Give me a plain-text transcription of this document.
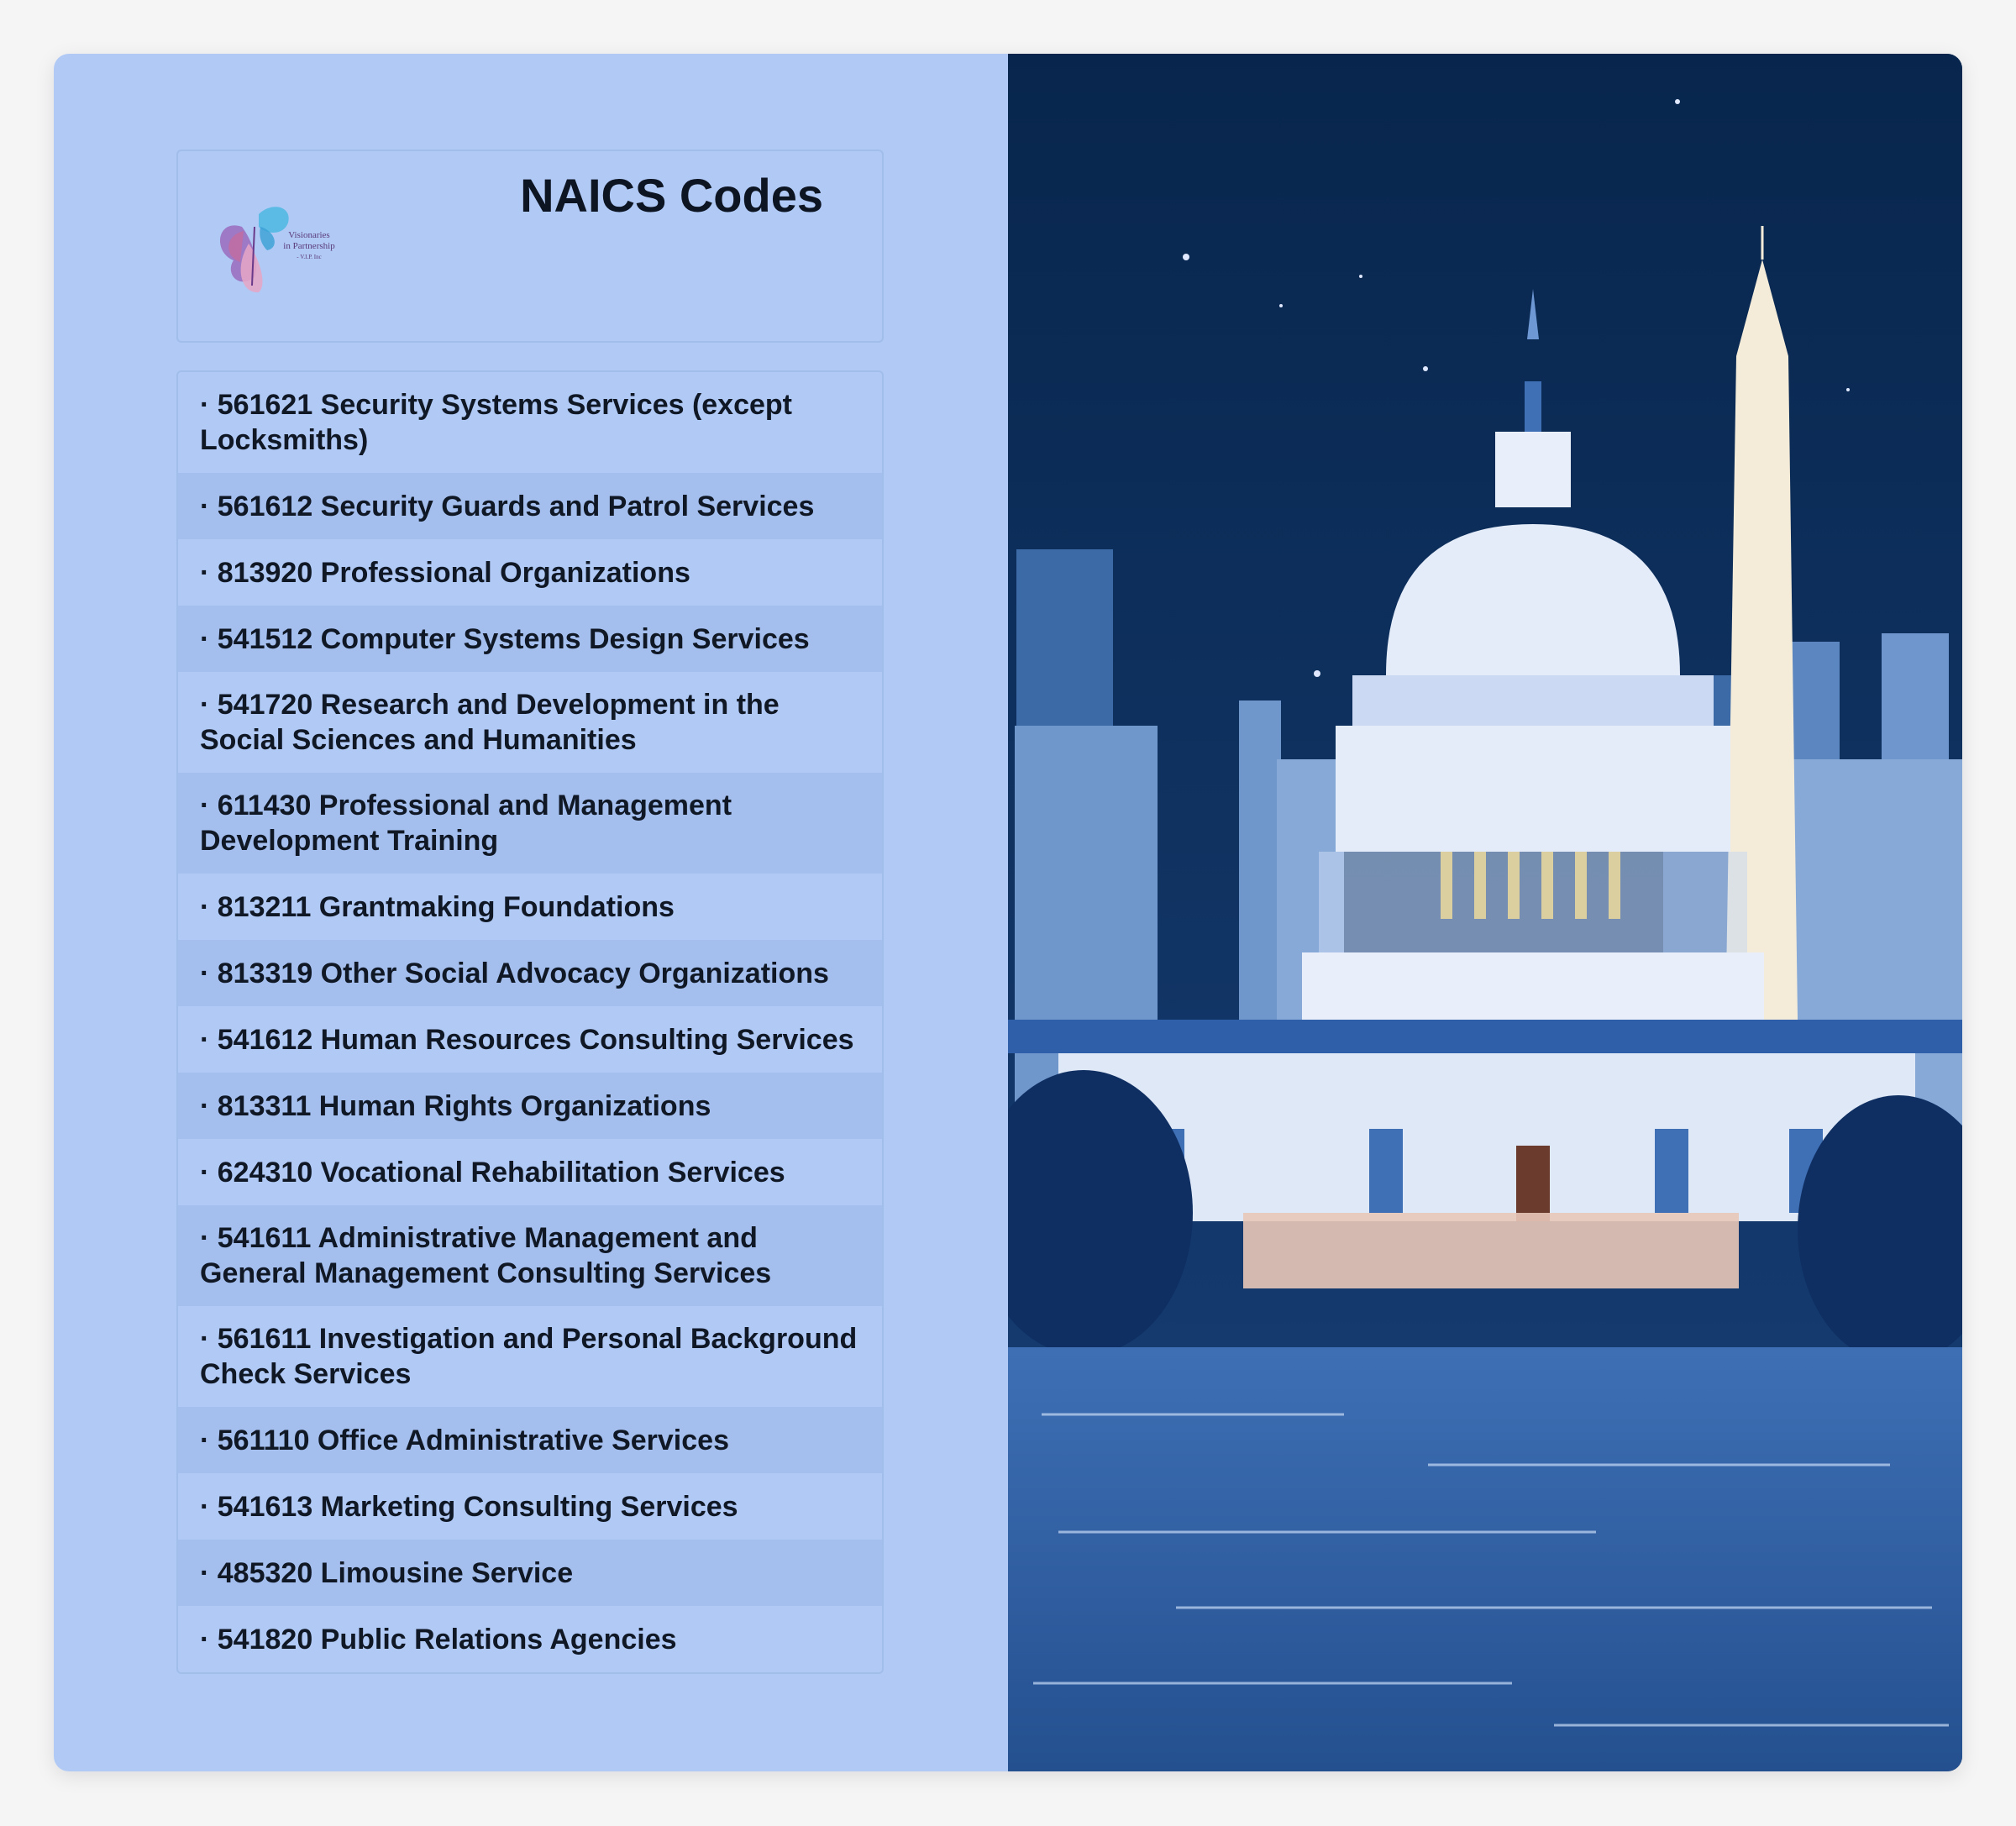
Visionaries
in Partnership
- V.I.P. Inc
NAICS Codes
· 561621 Security Systems Services (except Locksmiths)
· 561612 Security Guards and Patrol Services
· 813920 Professional Organizations
· 541512 Computer Systems Design Services
· 541720 Research and Development in the Social Sciences and Humanities
· 611430 Professional and Management Development Training
· 813211 Grantmaking Foundations
· 813319 Other Social Advocacy Organizations
· 541612 Human Resources Consulting Services
· 813311 Human Rights Organizations
· 624310 Vocational Rehabilitation Services
· 541611 Administrative Management and General Management Consulting Services
· 561611 Investigation and Personal Background Check Services
· 561110 Office Administrative Services
· 541613 Marketing Consulting Services
· 485320 Limousine Service
· 541820 Public Relations Agencies
